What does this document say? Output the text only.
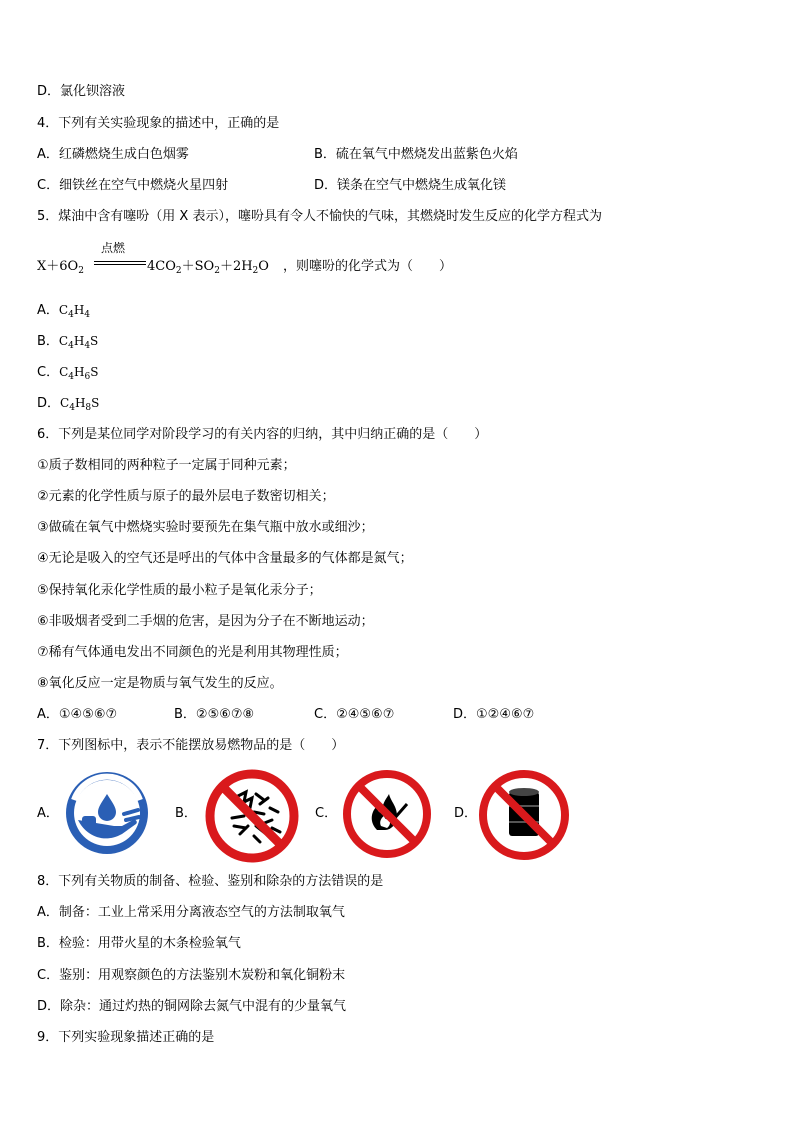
D．氯化钡溶液
4．下列有关实验现象的描述中，正确的是
A．红磷燃烧生成白色烟雾	B．硫在氧气中燃烧发出蓝紫色火焰
C．细铁丝在空气中燃烧火星四射	D．镁条在空气中燃烧生成氧化镁
5．煤油中含有噻吩（用 X 表示），噻吩具有令人不愉快的气味，其燃烧时发生反应的化学方程式为
$X+6O_2$
点燃
$4CO_2+SO_2+2H_2O$ ，则噻吩的化学式为（　　）
A．$C_4H_4$
B．$C_4H_4S$
C．$C_4H_6S$
D．$C_4H_8S$
6．下列是某位同学对阶段学习的有关内容的归纳，其中归纳正确的是（　　）
①质子数相同的两种粒子一定属于同种元素；
②元素的化学性质与原子的最外层电子数密切相关；
③做硫在氧气中燃烧实验时要预先在集气瓶中放水或细沙；
④无论是吸入的空气还是呼出的气体中含量最多的气体都是氮气；
⑤保持氧化汞化学性质的最小粒子是氧化汞分子；
⑥非吸烟者受到二手烟的危害，是因为分子在不断地运动；
⑦稀有气体通电发出不同颜色的光是利用其物理性质；
⑧氧化反应一定是物质与氧气发生的反应。
A．①④⑤⑥⑦	B．②⑤⑥⑦⑧	C．②④⑤⑥⑦	D．①②④⑥⑦
7．下列图标中，表示不能摆放易燃物品的是（　　）
A．	B．	C．	D．
8．下列有关物质的制备、检验、鉴别和除杂的方法错误的是
A．制备：工业上常采用分离液态空气的方法制取氧气
B．检验：用带火星的木条检验氧气
C．鉴别：用观察颜色的方法鉴别木炭粉和氧化铜粉末
D．除杂：通过灼热的铜网除去氮气中混有的少量氧气
9．下列实验现象描述正确的是
